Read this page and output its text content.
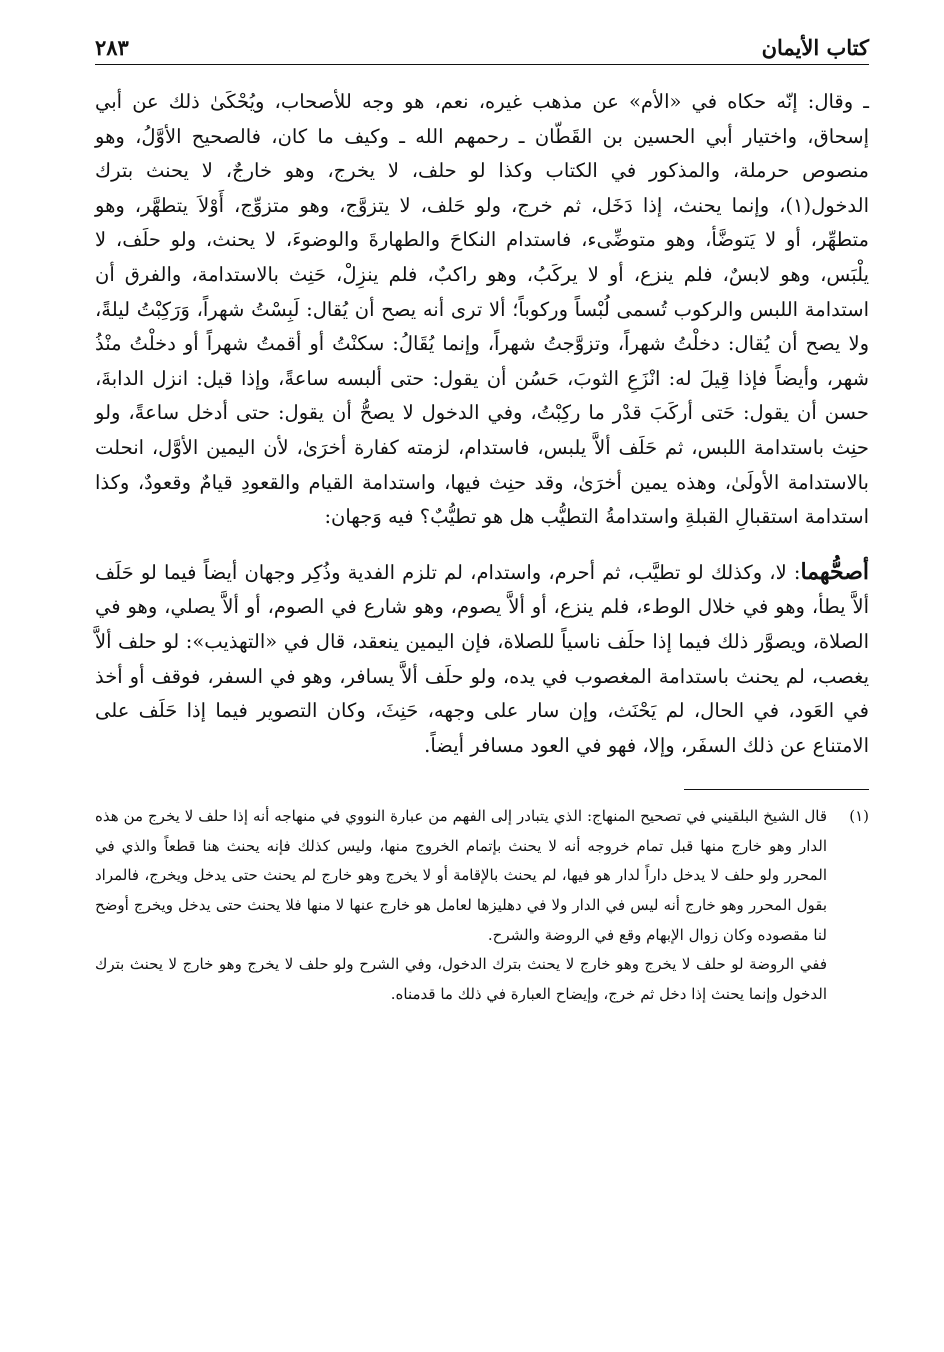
كتاب الأيمان
٢٨٣

ـ وقال: إنّه حكاه في «الأم» عن مذهب غيره، نعم، هو وجه للأصحاب، ويُحْكَىٰ ذلك عن أبي إسحاق، واختيار أبي الحسين بن القَطّان ـ رحمهم الله ـ وكيف ما كان، فالصحيح الأوَّلُ، وهو منصوص حرملة، والمذكور في الكتاب وكذا لو حلف، لا يخرج، وهو خارجٌ، لا يحنث بترك الدخول(١)، وإنما يحنث، إذا دَخَل، ثم خرج، ولو حَلف، لا يتزوَّج، وهو متزوِّج، أَوْلاَ يتطهَّر، وهو متطهِّر، أو لا يَتوضَّأ، وهو متوضِّىء، فاستدام النكاحَ والطهارةَ والوضوءَ، لا يحنث، ولو حلَف، لا يلْبَس، وهو لابسٌ، فلم ينزع، أو لا يركَبُ، وهو راكبٌ، فلم ينزِلْ، حَنِث بالاستدامة، والفرق أن استدامة اللبس والركوب تُسمى لُبْساً وركوباً؛ ألا ترى أنه يصح أن يُقال: لَبِسْتُ شهراً، وَرَكِبْتُ ليلةً، ولا يصح أن يُقال: دخلْتُ شهراً، وتزوَّجتُ شهراً، وإنما يُقَالُ: سكنْتُ أو أقمتُ شهراً أو دخلْتُ منْذُ شهر، وأيضاً فإذا قِيلَ له: انْزَعِ الثوبَ، حَسُن أن يقول: حتى ألبسه ساعةً، وإذا قيل: انزل الدابةَ، حسن أن يقول: حَتى أركَبَ قدْر ما ركِبْتُ، وفي الدخول لا يصحُّ أن يقول: حتى أدخل ساعةً، ولو حنِث باستدامة اللبس، ثم حَلَف ألاَّ يلبس، فاستدام، لزمته كفارة أخرَىٰ، لأن اليمين الأوَّل، انحلت بالاستدامة الأولَىٰ، وهذه يمين أخرَىٰ، وقد حنِث فيها، واستدامة القيام والقعودِ قيامٌ وقعودٌ، وكذا استدامة استقبالِ القبلةِ واستدامةُ التطيُّب هل هو تطيُّبٌ؟ فيه وَجهان:

أصحُّهما: لا، وكذلك لو تطيَّب، ثم أحرم، واستدام، لم تلزم الفدية وذُكِر وجهان أيضاً فيما لو حَلَف ألاَّ يطأ، وهو في خلال الوطء، فلم ينزع، أو ألاَّ يصوم، وهو شارع في الصوم، أو ألاَّ يصلي، وهو في الصلاة، ويصوَّر ذلك فيما إذا حلَف ناسياً للصلاة، فإن اليمين ينعقد، قال في «التهذيب»: لو حلف ألاَّ يغصب، لم يحنث باستدامة المغصوب في يده، ولو حلَف ألاَّ يسافر، وهو في السفر، فوقف أو أخذ في العَود، في الحال، لم يَحْنَث، وإن سار على وجهه، حَنِثَ، وكان التصوير فيما إذا حَلَف على الامتناع عن ذلك السفَر، وإلا، فهو في العود مسافر أيضاً.

(١)

قال الشيخ البلقيني في تصحيح المنهاج: الذي يتبادر إلى الفهم من عبارة النووي في منهاجه أنه إذا حلف لا يخرج من هذه الدار وهو خارج منها قبل تمام خروجه أنه لا يحنث بإتمام الخروج منها، وليس كذلك فإنه يحنث هنا قطعاً والذي في المحرر ولو حلف لا يدخل داراً لدار هو فيها، لم يحنث بالإقامة أو لا يخرج وهو خارج لم يحنث حتى يدخل ويخرج، فالمراد بقول المحرر وهو خارج أنه ليس في الدار ولا في دهليزها لعامل هو خارج عنها لا منها فلا يحنث حتى يدخل ويخرج أوضح لنا مقصوده وكان زوال الإبهام وقع في الروضة والشرح.

ففي الروضة لو حلف لا يخرج وهو خارج لا يحنث بترك الدخول، وفي الشرح ولو حلف لا يخرج وهو خارج لا يحنث بترك الدخول وإنما يحنث إذا دخل ثم خرج، وإيضاح العبارة في ذلك ما قدمناه.
